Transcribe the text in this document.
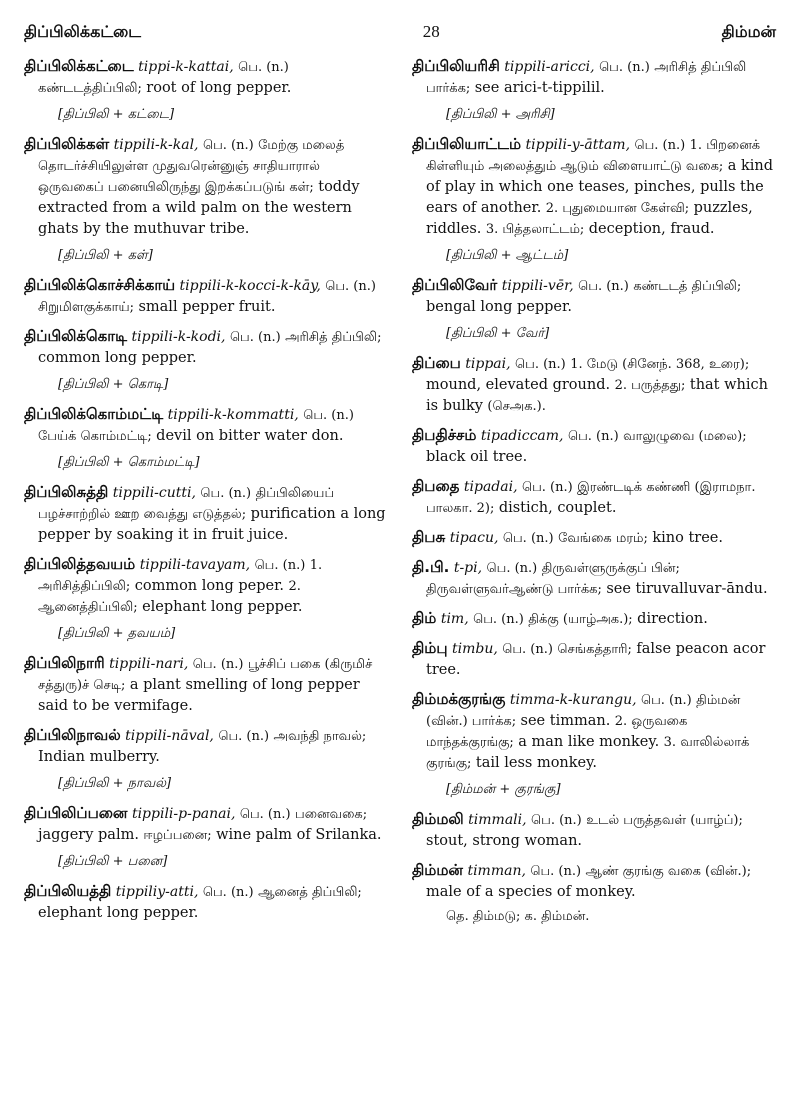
திப்பிலிக்கட்டை	28	திம்மன்
திப்பிலிக்கட்டை tippi-k-kattai, பெ. (n.) கண்டடத்திப்பிலி; root of long pepper.
[திப்பிலி + கட்டை]
திப்பிலிக்கள் tippili-k-kal, பெ. (n.) மேற்கு மலைத் தொடர்ச்சியிலுள்ள முதுவரென்னுஞ் சாதியாரால் ஒருவகைப் பனையிலிருந்து இறக்கப்படுங் கள்; toddy extracted from a wild palm on the western ghats by the muthuvar tribe.
[திப்பிலி + கள்]
திப்பிலிக்கொச்சிக்காய் tippili-k-kocci-k-kāy, பெ. (n.) சிறுமிளகுக்காய்; small pepper fruit.
திப்பிலிக்கொடி tippili-k-kodi, பெ. (n.) அரிசித் திப்பிலி; common long pepper.
[திப்பிலி + கொடி]
திப்பிலிக்கொம்மட்டி tippili-k-kommatti, பெ. (n.) பேய்க் கொம்மட்டி; devil on bitter water don.
[திப்பிலி + கொம்மட்டி]
திப்பிலிசுத்தி tippili-cutti, பெ. (n.) திப்பிலியைப் பழச்சாற்றில் ஊற வைத்து எடுத்தல்; purification a long pepper by soaking it in fruit juice.
திப்பிலித்தவயம் tippili-tavayam, பெ. (n.) 1. அரிசித்திப்பிலி; common long peper. 2. ஆனைத்திப்பிலி; elephant long pepper.
[திப்பிலி + தவயம்]
திப்பிலிநாரி tippili-nari, பெ. (n.) பூச்சிப் பகை (கிருமிச் சத்துரு)ச் செடி; a plant smelling of long pepper said to be vermifage.
திப்பிலிநாவல் tippili-nāval, பெ. (n.) அவந்தி நாவல்; Indian mulberry.
[திப்பிலி + நாவல்]
திப்பிலிப்பனை tippili-p-panai, பெ. (n.) பனைவகை; jaggery palm. ஈழப்பனை; wine palm of Srilanka.
[திப்பிலி + பனை]
திப்பிலியத்தி tippiliy-atti, பெ. (n.) ஆனைத் திப்பிலி; elephant long pepper.
திப்பிலியரிசி tippili-aricci, பெ. (n.) அரிசித் திப்பிலி பார்க்க; see arici-t-tippilil.
[திப்பிலி + அரிசி]
திப்பிலியாட்டம் tippili-y-āttam, பெ. (n.) 1. பிறனைக் கிள்ளியும் அலைத்தும் ஆடும் விளையாட்டு வகை; a kind of play in which one teases, pinches, pulls the ears of another. 2. புதுமையான கேள்வி; puzzles, riddles. 3. பித்தலாட்டம்; deception, fraud.
[திப்பிலி + ஆட்டம்]
திப்பிலிவேர் tippili-vēr, பெ. (n.) கண்டடத் திப்பிலி; bengal long pepper.
[திப்பிலி + வேர்]
திப்பை tippai, பெ. (n.) 1. மேடு (சினேந். 368, உரை); mound, elevated ground. 2. பருத்தது; that which is bulky (செஅக.).
திபதிச்சம் tipadiccam, பெ. (n.) வாலுழுவை (மலை); black oil tree.
திபதை tipadai, பெ. (n.) இரண்டடிக் கண்ணி (இராமநா. பாலகா. 2); distich, couplet.
திபசு tipacu, பெ. (n.) வேங்கை மரம்; kino tree.
தி.பி. t-pi, பெ. (n.) திருவள்ளுருக்குப் பின்; திருவள்ளுவர்ஆண்டு பார்க்க; see tiruvalluvar-āndu.
திம் tim, பெ. (n.) திக்கு (யாழ்அக.); direction.
திம்பு timbu, பெ. (n.) செங்கத்தாரி; false peacon acor tree.
திம்மக்குரங்கு timma-k-kurangu, பெ. (n.) திம்மன் (வின்.) பார்க்க; see timman. 2. ஒருவகை மாந்தக்குரங்கு; a man like monkey. 3. வாலில்லாக் குரங்கு; tail less monkey.
[திம்மன் + குரங்கு]
திம்மலி timmali, பெ. (n.) உடல் பருத்தவள் (யாழ்ப்); stout, strong woman.
திம்மன் timman, பெ. (n.) ஆண் குரங்கு வகை (வின்.); male of a species of monkey.
தெ. திம்மடு; க. திம்மன்.
